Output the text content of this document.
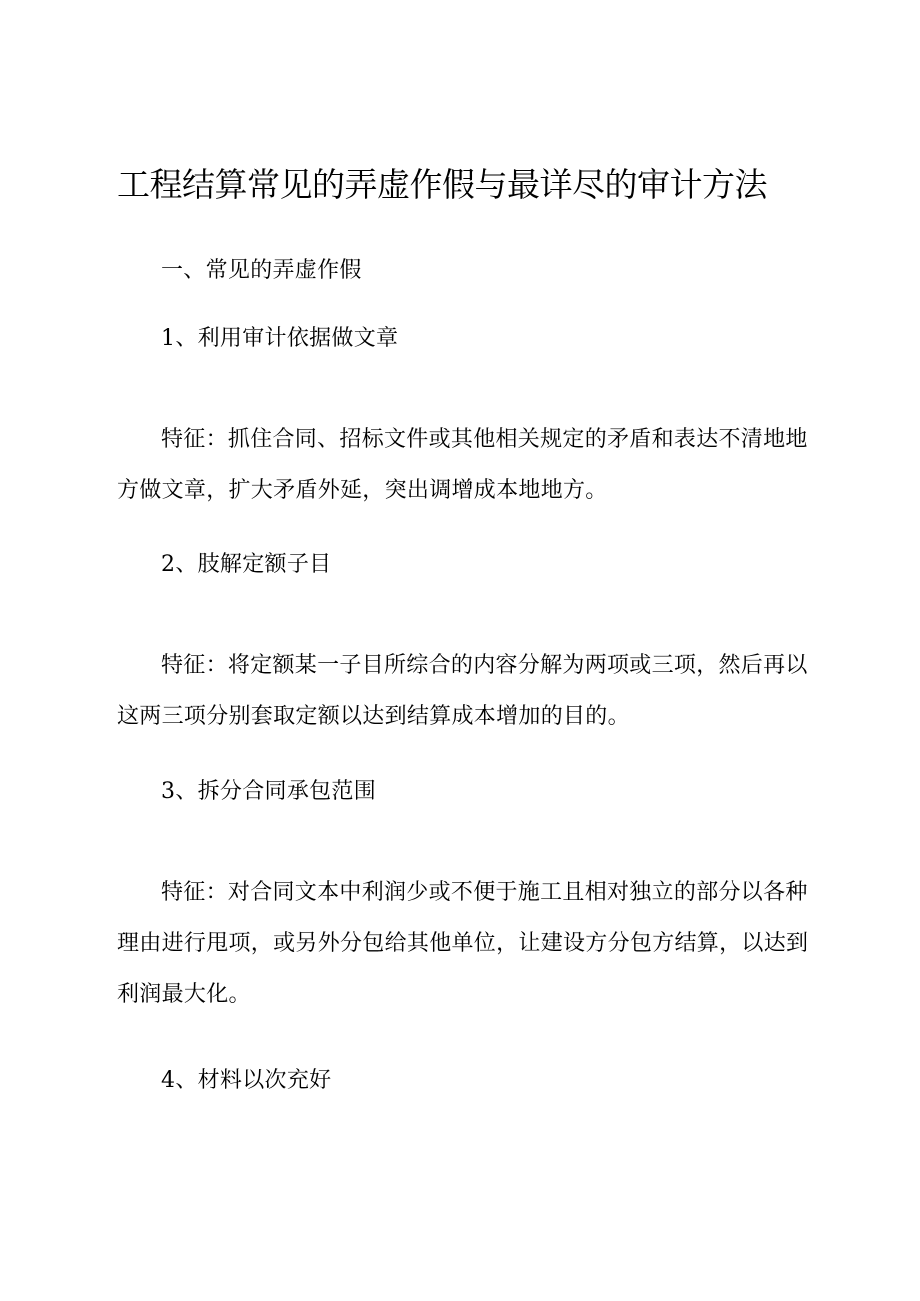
工程结算常见的弄虚作假与最详尽的审计方法
一、常见的弄虚作假
1、利用审计依据做文章
特征：抓住合同、招标文件或其他相关规定的矛盾和表达不清地地方做文章，扩大矛盾外延，突出调增成本地地方。
2、肢解定额子目
特征：将定额某一子目所综合的内容分解为两项或三项，然后再以这两三项分别套取定额以达到结算成本增加的目的。
3、拆分合同承包范围
特征：对合同文本中利润少或不便于施工且相对独立的部分以各种理由进行甩项，或另外分包给其他单位，让建设方分包方结算，以达到利润最大化。
4、材料以次充好
